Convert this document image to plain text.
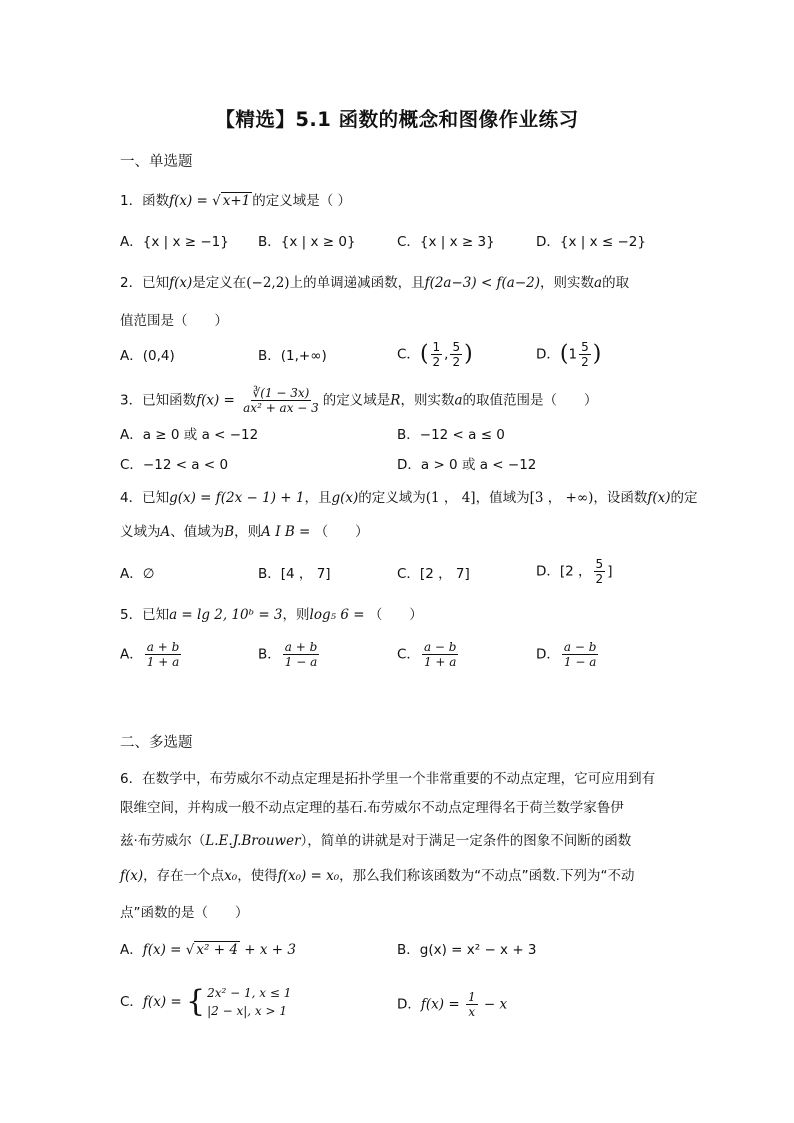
【精选】5.1 函数的概念和图像作业练习
一、单选题
1．函数f(x) = √ x+1 的定义域是（ ）
A．{x | x ≥ −1} B．{x | x ≥ 0}	C．{x | x ≥ 3}	D．{x | x ≤ −2}
2．已知f(x)是定义在(−2,2)上的单调递减函数，且f(2a−3) < f(a−2)，则实数a的取
值范围是（　　）
A．(0,4)	B．(1,+∞)	C．( $\frac{1}{2}$ , $\frac{5}{2}$ )	D．($1 \frac{5}{2}$ )
3．已知函数$f(x) = \frac{∛(1 - 3x)}{\text{ax² + ax − 3}}$ 的定义域是R，则实数a的取值范围是（　　）
A．a ≥ 0 或 a < −12	B．−12 < a ≤ 0
C．−12 < a < 0	D．a > 0 或 a < −12
4．已知g(x) = f(2x − 1) + 1，且g(x)的定义域为(1 ， 4]，值域为[3 ， +∞)，设函数f(x)的定
义域为A、值域为B，则A I B = （　　）
A．∅	B．[4 ， 7]	C．[2 ， 7]	D．[2 ， $\frac{5}{2}$ ]
5．已知a = lg 2, 10ᵇ = 3，则log₅ 6 = （　　）
A． $\frac{a + b}{1 + a}$	B． $\frac{a + b}{1 - a}$	C． $\frac{a - b}{1 + a}$	D． $\frac{a - b}{1 - a}$
二、多选题
6．在数学中，布劳威尔不动点定理是拓扑学里一个非常重要的不动点定理，它可应用到有
限维空间，并构成一般不动点定理的基石.布劳威尔不动点定理得名于荷兰数学家鲁伊
兹·布劳威尔（L.E.J.Brouwer），简单的讲就是对于满足一定条件的图象不间断的函数
f(x)，存在一个点x₀，使得f(x₀) = x₀，那么我们称该函数为“不动点”函数.下列为“不动
点”函数的是（　　）
A．f(x) = √ x² + 4 + x + 3	B．g(x) = x² − x + 3
C．f(x) = { 2x² − 1, x ≤ 1
|2 − x|, x > 1	D．$f(x) = \frac{1}{x} - x$
